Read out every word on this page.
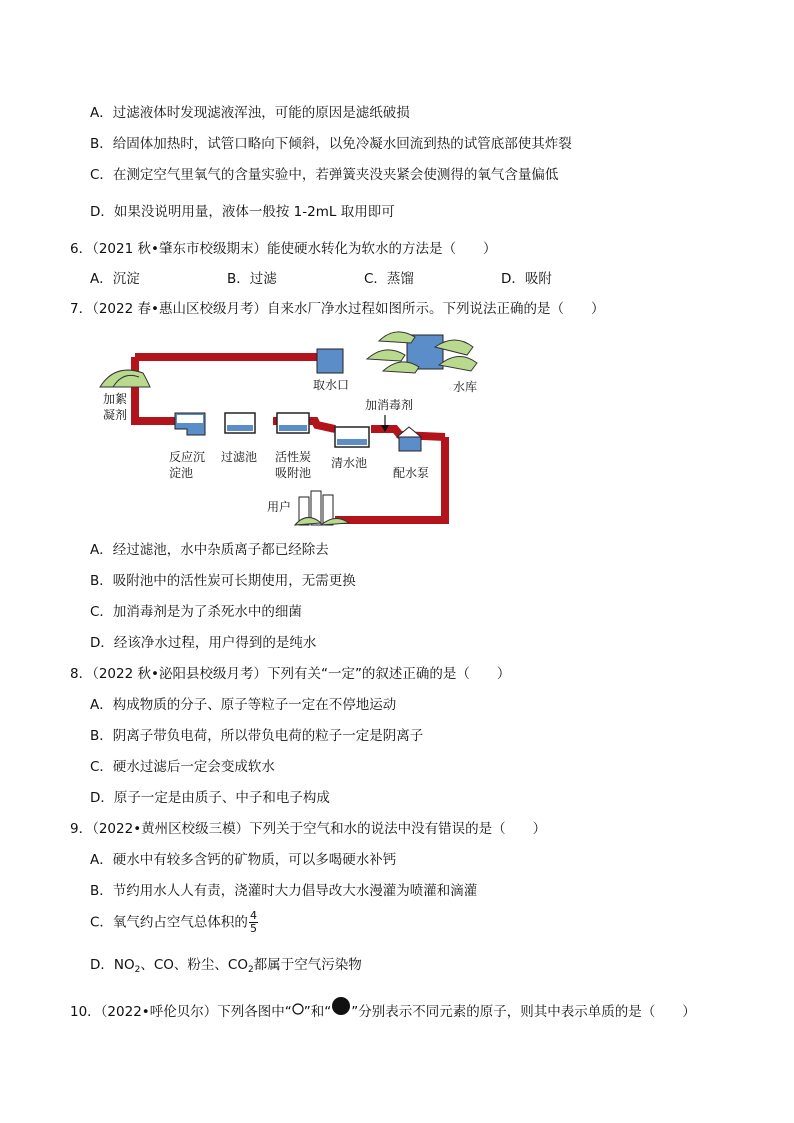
A．过滤液体时发现滤液浑浊，可能的原因是滤纸破损
B．给固体加热时，试管口略向下倾斜，以免冷凝水回流到热的试管底部使其炸裂
C．在测定空气里氧气的含量实验中，若弹簧夹没夹紧会使测得的氧气含量偏低
D．如果没说明用量，液体一般按 1-2mL 取用即可
6．（2021 秋•肇东市校级期末）能使硬水转化为软水的方法是（　　）
A．沉淀	B．过滤	C．蒸馏	D．吸附
7．（2022 春•惠山区校级月考）自来水厂净水过程如图所示。下列说法正确的是（　　）
取水口	水库
加絮
凝剂
加消毒剂
反应沉
淀池
过滤池 活性炭
吸附池
清水池
配水泵
用户
A．经过滤池，水中杂质离子都已经除去
B．吸附池中的活性炭可长期使用，无需更换
C．加消毒剂是为了杀死水中的细菌
D．经该净水过程，用户得到的是纯水
8．（2022 秋•泌阳县校级月考）下列有关“一定”的叙述正确的是（　　）
A．构成物质的分子、原子等粒子一定在不停地运动
B．阴离子带负电荷，所以带负电荷的粒子一定是阴离子
C．硬水过滤后一定会变成软水
D．原子一定是由质子、中子和电子构成
9．（2022•黄州区校级三模）下列关于空气和水的说法中没有错误的是（　　）
A．硬水中有较多含钙的矿物质，可以多喝硬水补钙
B．节约用水人人有责，浇灌时大力倡导改大水漫灌为喷灌和滴灌
C．氧气约占空气总体积的 $\frac{4}{5}$
D．$NO_2$、CO、粉尘、$CO_2$都属于空气污染物
10．（2022•呼伦贝尔）下列各图中“ ”和“ ”分别表示不同元素的原子，则其中表示单质的是（　　）
